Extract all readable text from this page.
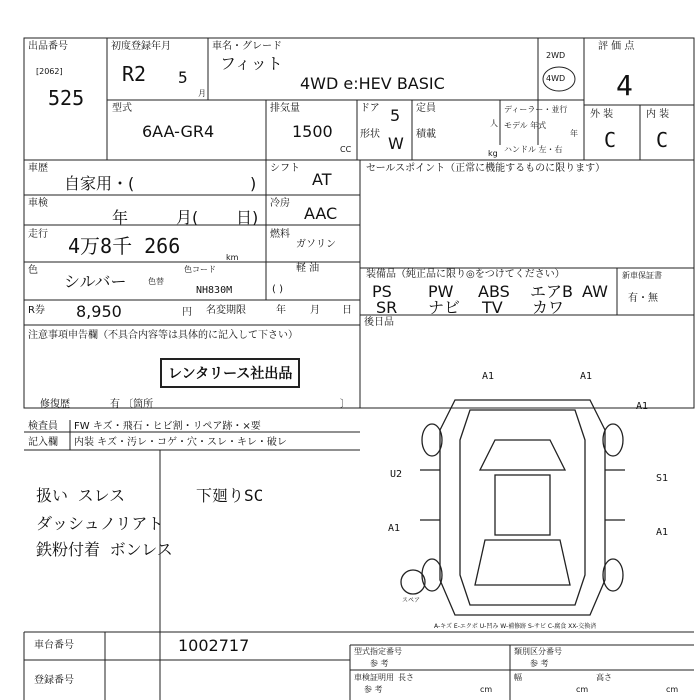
出品番号
[2062]
525
初度登録年月
R2 5
月
車名・グレード
フィット
4WD e:HEV BASIC
2WD
4WD
評 価 点
4
型式
6AA-GR4
排気量
1500
CC
ドア 5
形状 W
定員
人
積載
kg
ディーラー・並行
モデル 年式
年
ハンドル 左・右
外 装	内 装
C C
車歴
自家用・(	)
車検
年	月( 日)
走行 4万8千 266	km
色
シルバー	色替
色コード
NH830M
R券 8,950	円
シフト
AT
冷房
AAC
燃料
ガソリン
軽 油
( )
名変期限	年 月 日
セールスポイント（正常に機能するものに限ります）
装備品（純正品に限り◎をつけてください）
PS PW ABS エアB AW
SR ナビ TV カワ
新車保証書
有・無
後日品
注意事項申告欄（不具合内容等は具体的に記入して下さい）
レンタリース社出品
修復歴	有 〔箇所	〕
検査員
記入欄
FW キズ・飛石・ヒビ割・リペア跡・×要
内装 キズ・汚レ・コゲ・穴・スレ・キレ・破レ
扱い スレス
ダッシュノリアト
鉄粉付着 ボンレス
下廻りSC
A1	A1
A1
U2	S1
A1	A1
スペア
A-キズ E-エクボ U-凹み W-補修跡 S-サビ C-腐食 XX-交換済
車台番号	1002717
登録番号
型式指定番号
参 考
類別区分番号
参 考
車検証明用
参 考
長さ
cm
幅
cm
高さ
cm
